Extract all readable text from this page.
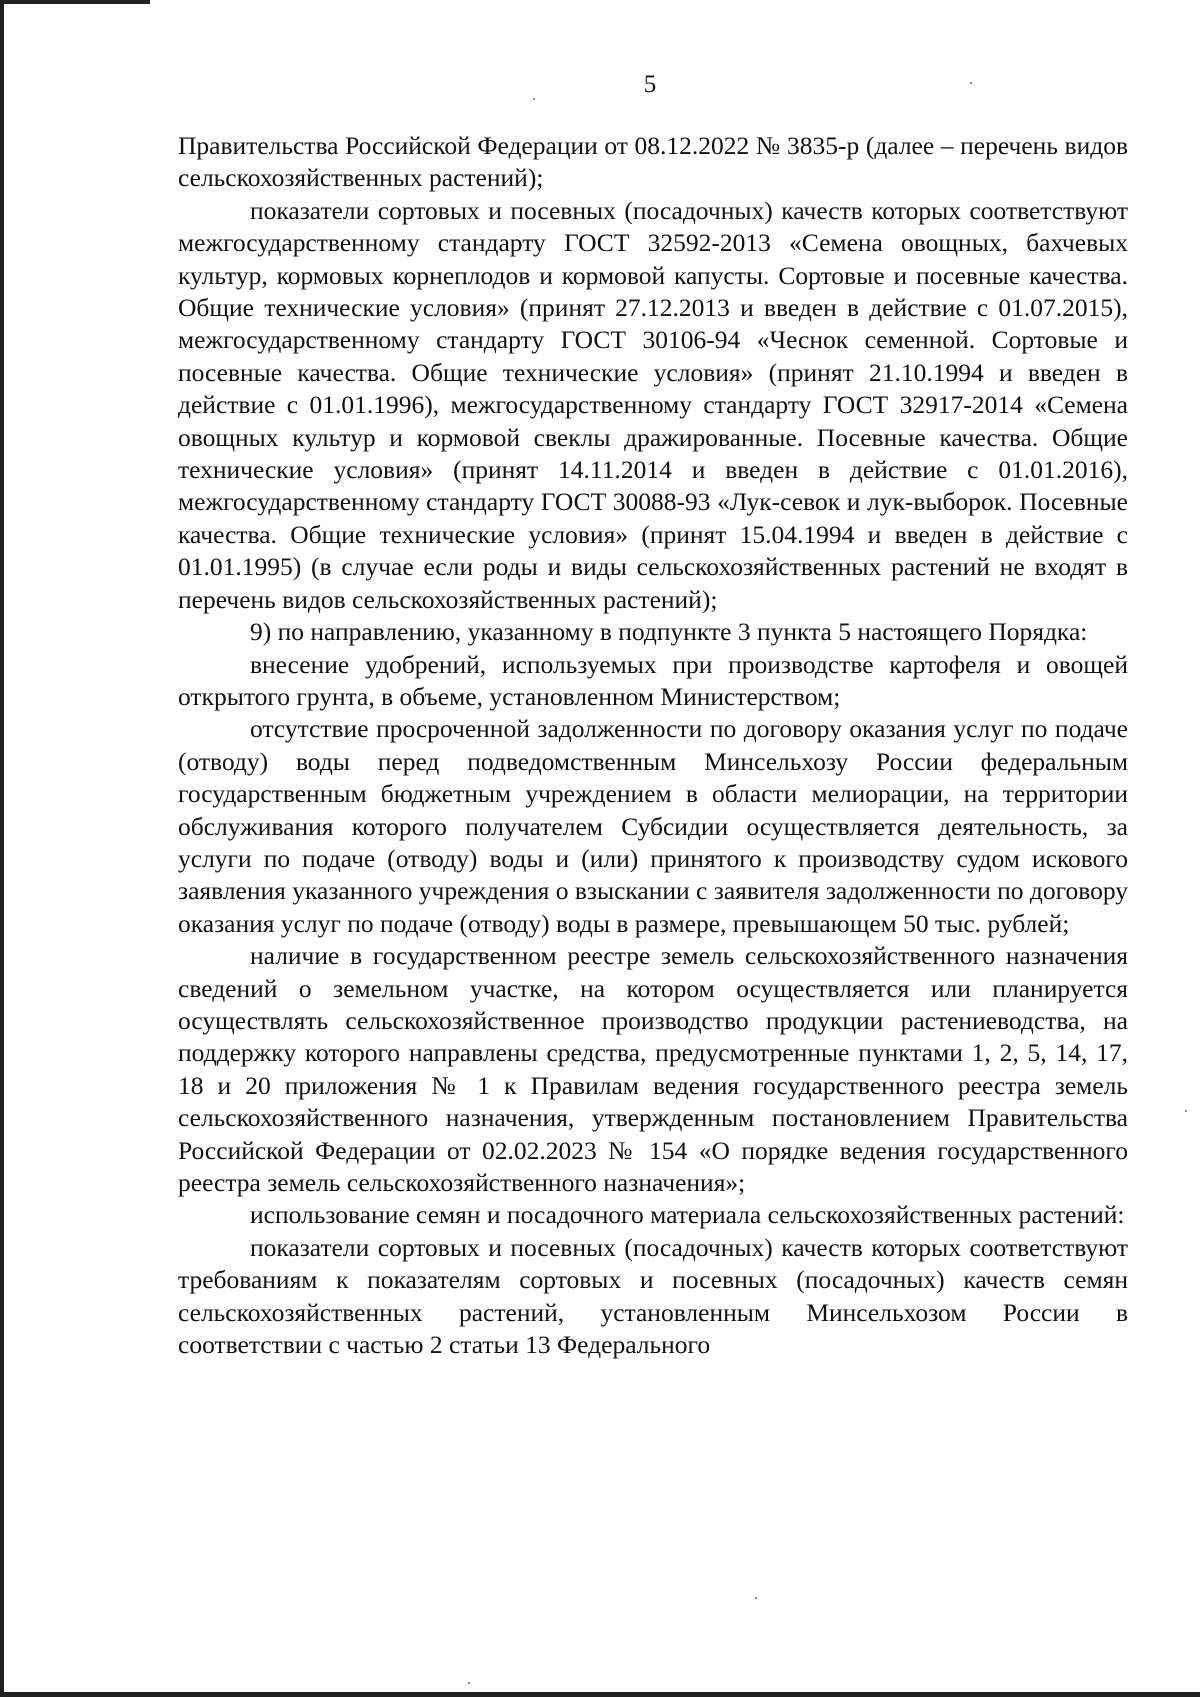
5

Правительства Российской Федерации от 08.12.2022 № 3835-р (далее – перечень видов сельскохозяйственных растений);

показатели сортовых и посевных (посадочных) качеств которых соответствуют межгосударственному стандарту ГОСТ 32592-2013 «Семена овощных, бахчевых культур, кормовых корнеплодов и кормовой капусты. Сортовые и посевные качества. Общие технические условия» (принят 27.12.2013 и введен в действие с 01.07.2015), межгосударственному стандарту ГОСТ 30106-94 «Чеснок семенной. Сортовые и посевные качества. Общие технические условия» (принят 21.10.1994 и введен в действие с 01.01.1996), межгосударственному стандарту ГОСТ 32917-2014 «Семена овощных культур и кормовой свеклы дражированные. Посевные качества. Общие технические условия» (принят 14.11.2014 и введен в действие с 01.01.2016), межгосударственному стандарту ГОСТ 30088-93 «Лук-севок и лук-выборок. Посевные качества. Общие технические условия» (принят 15.04.1994 и введен в действие с 01.01.1995) (в случае если роды и виды сельскохозяйственных растений не входят в перечень видов сельскохозяйственных растений);

9) по направлению, указанному в подпункте 3 пункта 5 настоящего Порядка:

внесение удобрений, используемых при производстве картофеля и овощей открытого грунта, в объеме, установленном Министерством;

отсутствие просроченной задолженности по договору оказания услуг по подаче (отводу) воды перед подведомственным Минсельхозу России федеральным государственным бюджетным учреждением в области мелиорации, на территории обслуживания которого получателем Субсидии осуществляется деятельность, за услуги по подаче (отводу) воды и (или) принятого к производству судом искового заявления указанного учреждения о взыскании с заявителя задолженности по договору оказания услуг по подаче (отводу) воды в размере, превышающем 50 тыс. рублей;

наличие в государственном реестре земель сельскохозяйственного назначения сведений о земельном участке, на котором осуществляется или планируется осуществлять сельскохозяйственное производство продукции растениеводства, на поддержку которого направлены средства, предусмотренные пунктами 1, 2, 5, 14, 17, 18 и 20 приложения № 1 к Правилам ведения государственного реестра земель сельскохозяйственного назначения, утвержденным постановлением Правительства Российской Федерации от 02.02.2023 № 154 «О порядке ведения государственного реестра земель сельскохозяйственного назначения»;

использование семян и посадочного материала сельскохозяйственных растений:

показатели сортовых и посевных (посадочных) качеств которых соответствуют требованиям к показателям сортовых и посевных (посадочных) качеств семян сельскохозяйственных растений, установленным Минсельхозом России в соответствии с частью 2 статьи 13 Федерального
